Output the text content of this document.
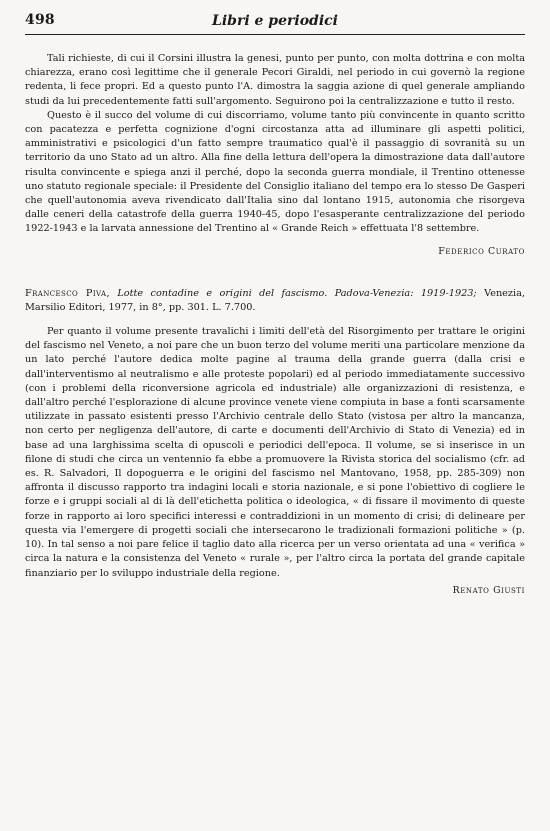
498	Libri e periodici

Tali richieste, di cui il Corsini illustra la genesi, punto per punto, con molta dottrina e con molta chiarezza, erano così legittime che il generale Pecori Giraldi, nel periodo in cui governò la regione redenta, li fece propri. Ed a questo punto l'A. dimostra la saggia azione di quel generale ampliando studi da lui precedentemente fatti sull'argomento. Seguirono poi la centralizzazione e tutto il resto.

Questo è il succo del volume di cui discorriamo, volume tanto più convincente in quanto scritto con pacatezza e perfetta cognizione d'ogni circostanza atta ad illuminare gli aspetti politici, amministrativi e psicologici d'un fatto sempre traumatico qual'è il passaggio di sovranità su un territorio da uno Stato ad un altro. Alla fine della lettura dell'opera la dimostrazione data dall'autore risulta convincente e spiega anzi il perché, dopo la seconda guerra mondiale, il Trentino ottenesse uno statuto regionale speciale: il Presidente del Consiglio italiano del tempo era lo stesso De Gasperi che quell'autonomia aveva rivendicato dall'Italia sino dal lontano 1915, autonomia che risorgeva dalle ceneri della catastrofe della guerra 1940-45, dopo l'esasperante centralizzazione del periodo 1922-1943 e la larvata annessione del Trentino al « Grande Reich » effettuata l'8 settembre.

Federico Curato
Francesco Piva, Lotte contadine e origini del fascismo. Padova-Venezia: 1919-1923; Venezia, Marsilio Editori, 1977, in 8°, pp. 301. L. 7.700.

Per quanto il volume presente travalichi i limiti dell'età del Risorgimento per trattare le origini del fascismo nel Veneto, a noi pare che un buon terzo del volume meriti una particolare menzione da un lato perché l'autore dedica molte pagine al trauma della grande guerra (dalla crisi e dall'interventismo al neutralismo e alle proteste popolari) ed al periodo immediatamente successivo (con i problemi della riconversione agricola ed industriale) alle organizzazioni di resistenza, e dall'altro perché l'esplorazione di alcune province venete viene compiuta in base a fonti scarsamente utilizzate in passato esistenti presso l'Archivio centrale dello Stato (vistosa per altro la mancanza, non certo per negligenza dell'autore, di carte e documenti dell'Archivio di Stato di Venezia) ed in base ad una larghissima scelta di opuscoli e periodici dell'epoca. Il volume, se si inserisce in un filone di studi che circa un ventennio fa ebbe a promuovere la Rivista storica del socialismo (cfr. ad es. R. Salvadori, Il dopoguerra e le origini del fascismo nel Mantovano, 1958, pp. 285-309) non affronta il discusso rapporto tra indagini locali e storia nazionale, e si pone l'obiettivo di cogliere le forze e i gruppi sociali al di là dell'etichetta politica o ideologica, « di fissare il movimento di queste forze in rapporto ai loro specifici interessi e contraddizioni in un momento di crisi; di delineare per questa via l'emergere di progetti sociali che intersecarono le tradizionali formazioni politiche » (p. 10). In tal senso a noi pare felice il taglio dato alla ricerca per un verso orientata ad una « verifica » circa la natura e la consistenza del Veneto « rurale », per l'altro circa la portata del grande capitale finanziario per lo sviluppo industriale della regione.

Renato Giusti
